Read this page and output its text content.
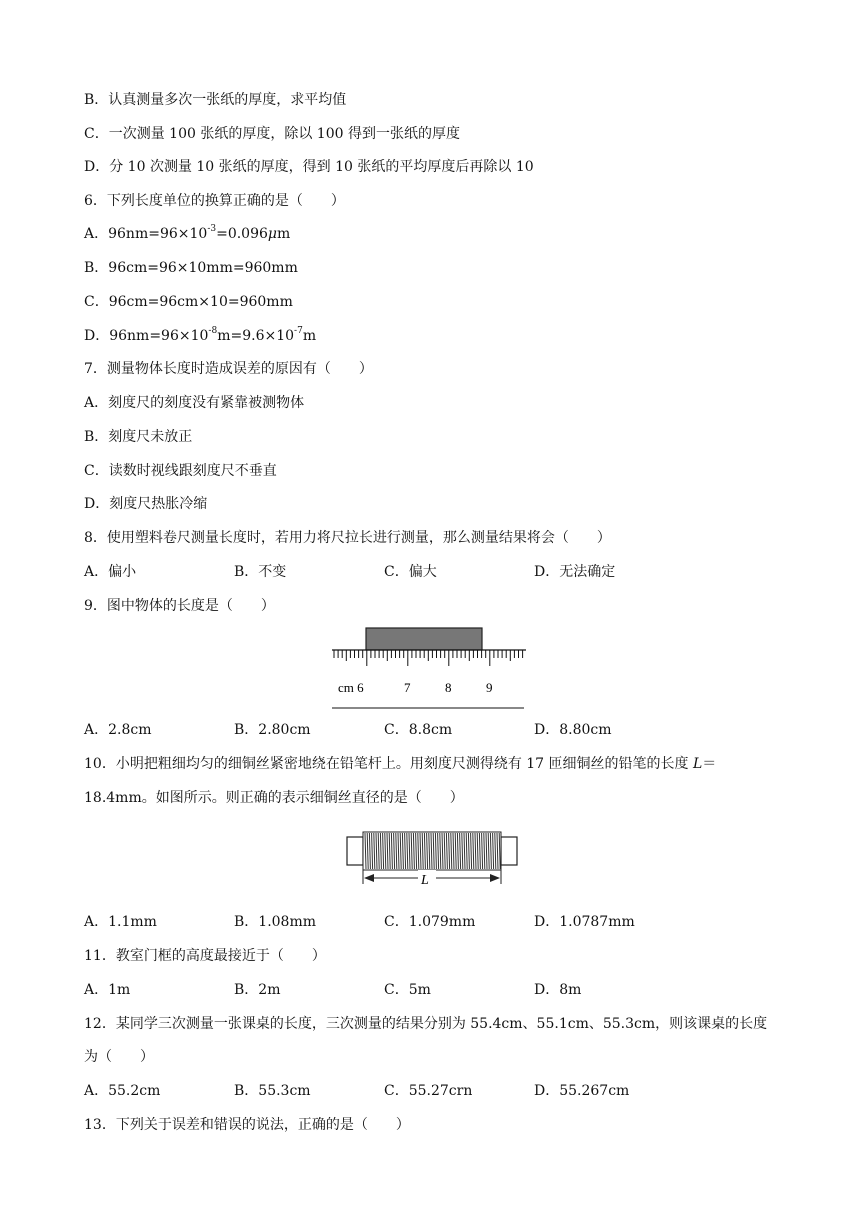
B．认真测量多次一张纸的厚度，求平均值
C．一次测量 100 张纸的厚度，除以 100 得到一张纸的厚度
D．分 10 次测量 10 张纸的厚度，得到 10 张纸的平均厚度后再除以 10
6．下列长度单位的换算正确的是（　　）
A．$96nm=96\times 10^{-3}=0.096\mu m$
B．96cm=96×10mm=960mm
C．96cm=96cm×10=960mm
D．$96nm=96\times 10^{-8}m=9.6\times 10^{-7}m$
7．测量物体长度时造成误差的原因有（　　）
A．刻度尺的刻度没有紧靠被测物体
B．刻度尺未放正
C．读数时视线跟刻度尺不垂直
D．刻度尺热胀冷缩
8．使用塑料卷尺测量长度时，若用力将尺拉长进行测量，那么测量结果将会（　　）
A．偏小	B．不变	C．偏大	D．无法确定
9．图中物体的长度是（　　）
cm 6	7	8	9
A．2.8cm	B．2.80cm	C．8.8cm	D．8.80cm
10．小明把粗细均匀的细铜丝紧密地绕在铅笔杆上。用刻度尺测得绕有 17 匝细铜丝的铅笔的长度 L＝
18.4mm。如图所示。则正确的表示细铜丝直径的是（　　）
L
A．1.1mm	B．1.08mm	C．1.079mm	D．1.0787mm
11．教室门框的高度最接近于（　　）
A．1m	B．2m	C．5m	D．8m
12．某同学三次测量一张课桌的长度，三次测量的结果分别为 55.4cm、55.1cm、55.3cm，则该课桌的长度
为（　　）
A．55.2cm	B．55.3cm	C．55.27crn	D．55.267cm
13．下列关于误差和错误的说法，正确的是（　　）
